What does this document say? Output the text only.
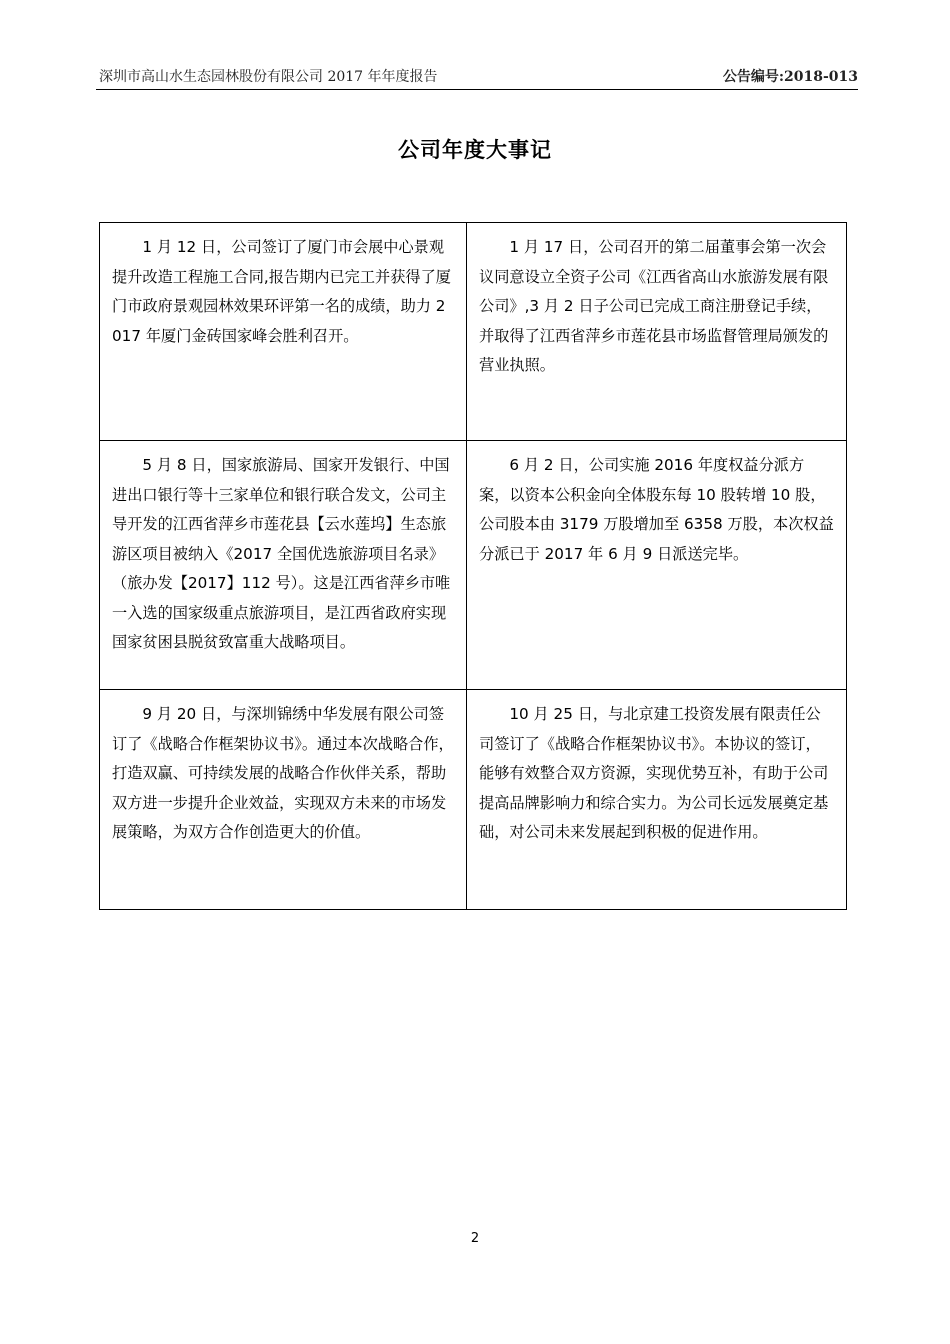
深圳市高山水生态园林股份有限公司 2017 年年度报告	公告编号:2018-013
公司年度大事记
1 月 12 日，公司签订了厦门市会展中心景观提升改造工程施工合同,报告期内已完工并获得了厦门市政府景观园林效果环评第一名的成绩，助力 2017 年厦门金砖国家峰会胜利召开。	1 月 17 日，公司召开的第二届董事会第一次会议同意设立全资子公司《江西省高山水旅游发展有限公司》,3 月 2 日子公司已完成工商注册登记手续，并取得了江西省萍乡市莲花县市场监督管理局颁发的营业执照。
5 月 8 日，国家旅游局、国家开发银行、中国进出口银行等十三家单位和银行联合发文，公司主导开发的江西省萍乡市莲花县【云水莲坞】生态旅游区项目被纳入《2017 全国优选旅游项目名录》（旅办发【2017】112 号）。这是江西省萍乡市唯一入选的国家级重点旅游项目，是江西省政府实现国家贫困县脱贫致富重大战略项目。	6 月 2 日，公司实施 2016 年度权益分派方案，以资本公积金向全体股东每 10 股转增 10 股，公司股本由 3179 万股增加至 6358 万股，本次权益分派已于 2017 年 6 月 9 日派送完毕。
9 月 20 日，与深圳锦绣中华发展有限公司签订了《战略合作框架协议书》。通过本次战略合作，打造双赢、可持续发展的战略合作伙伴关系，帮助双方进一步提升企业效益，实现双方未来的市场发展策略，为双方合作创造更大的价值。	10 月 25 日，与北京建工投资发展有限责任公司签订了《战略合作框架协议书》。本协议的签订，能够有效整合双方资源，实现优势互补，有助于公司提高品牌影响力和综合实力。为公司长远发展奠定基础，对公司未来发展起到积极的促进作用。
2
